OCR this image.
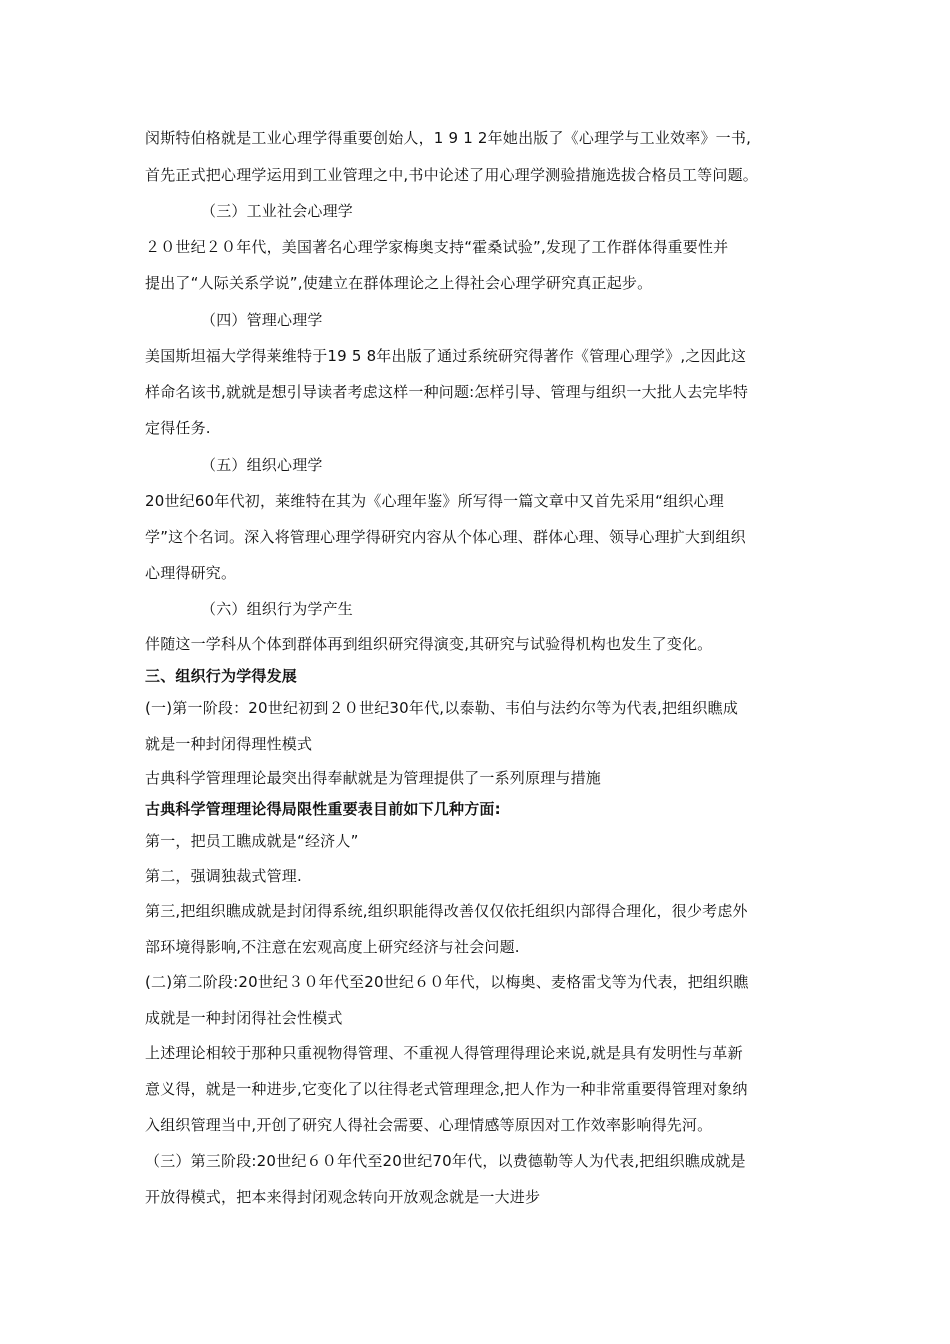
闵斯特伯格就是工业心理学得重要创始人，1 9 1 2年她出版了《心理学与工业效率》一书,
首先正式把心理学运用到工业管理之中,书中论述了用心理学测验措施选拔合格员工等问题。
（三）工业社会心理学
２０世纪２０年代，美国著名心理学家梅奥支持“霍桑试验”,发现了工作群体得重要性并
提出了“人际关系学说”,使建立在群体理论之上得社会心理学研究真正起步。
（四）管理心理学
美国斯坦福大学得莱维特于19 5 8年出版了通过系统研究得著作《管理心理学》,之因此这
样命名该书,就就是想引导读者考虑这样一种问题:怎样引导、管理与组织一大批人去完毕特
定得任务.
（五）组织心理学
20世纪60年代初，莱维特在其为《心理年鉴》所写得一篇文章中又首先采用“组织心理
学”这个名词。深入将管理心理学得研究内容从个体心理、群体心理、领导心理扩大到组织
心理得研究。
（六）组织行为学产生
伴随这一学科从个体到群体再到组织研究得演变,其研究与试验得机构也发生了变化。
三、组织行为学得发展
(一)第一阶段：20世纪初到２０世纪30年代,以泰勒、韦伯与法约尔等为代表,把组织瞧成
就是一种封闭得理性模式
古典科学管理理论最突出得奉献就是为管理提供了一系列原理与措施
古典科学管理理论得局限性重要表目前如下几种方面:
第一，把员工瞧成就是“经济人”
第二，强调独裁式管理.
第三,把组织瞧成就是封闭得系统,组织职能得改善仅仅依托组织内部得合理化，很少考虑外
部环境得影响,不注意在宏观高度上研究经济与社会问题.
(二)第二阶段:20世纪３０年代至20世纪６０年代，以梅奥、麦格雷戈等为代表，把组织瞧
成就是一种封闭得社会性模式
上述理论相较于那种只重视物得管理、不重视人得管理得理论来说,就是具有发明性与革新
意义得，就是一种进步,它变化了以往得老式管理理念,把人作为一种非常重要得管理对象纳
入组织管理当中,开创了研究人得社会需要、心理情感等原因对工作效率影响得先河。
（三）第三阶段:20世纪６０年代至20世纪70年代，以费德勒等人为代表,把组织瞧成就是
开放得模式，把本来得封闭观念转向开放观念就是一大进步
